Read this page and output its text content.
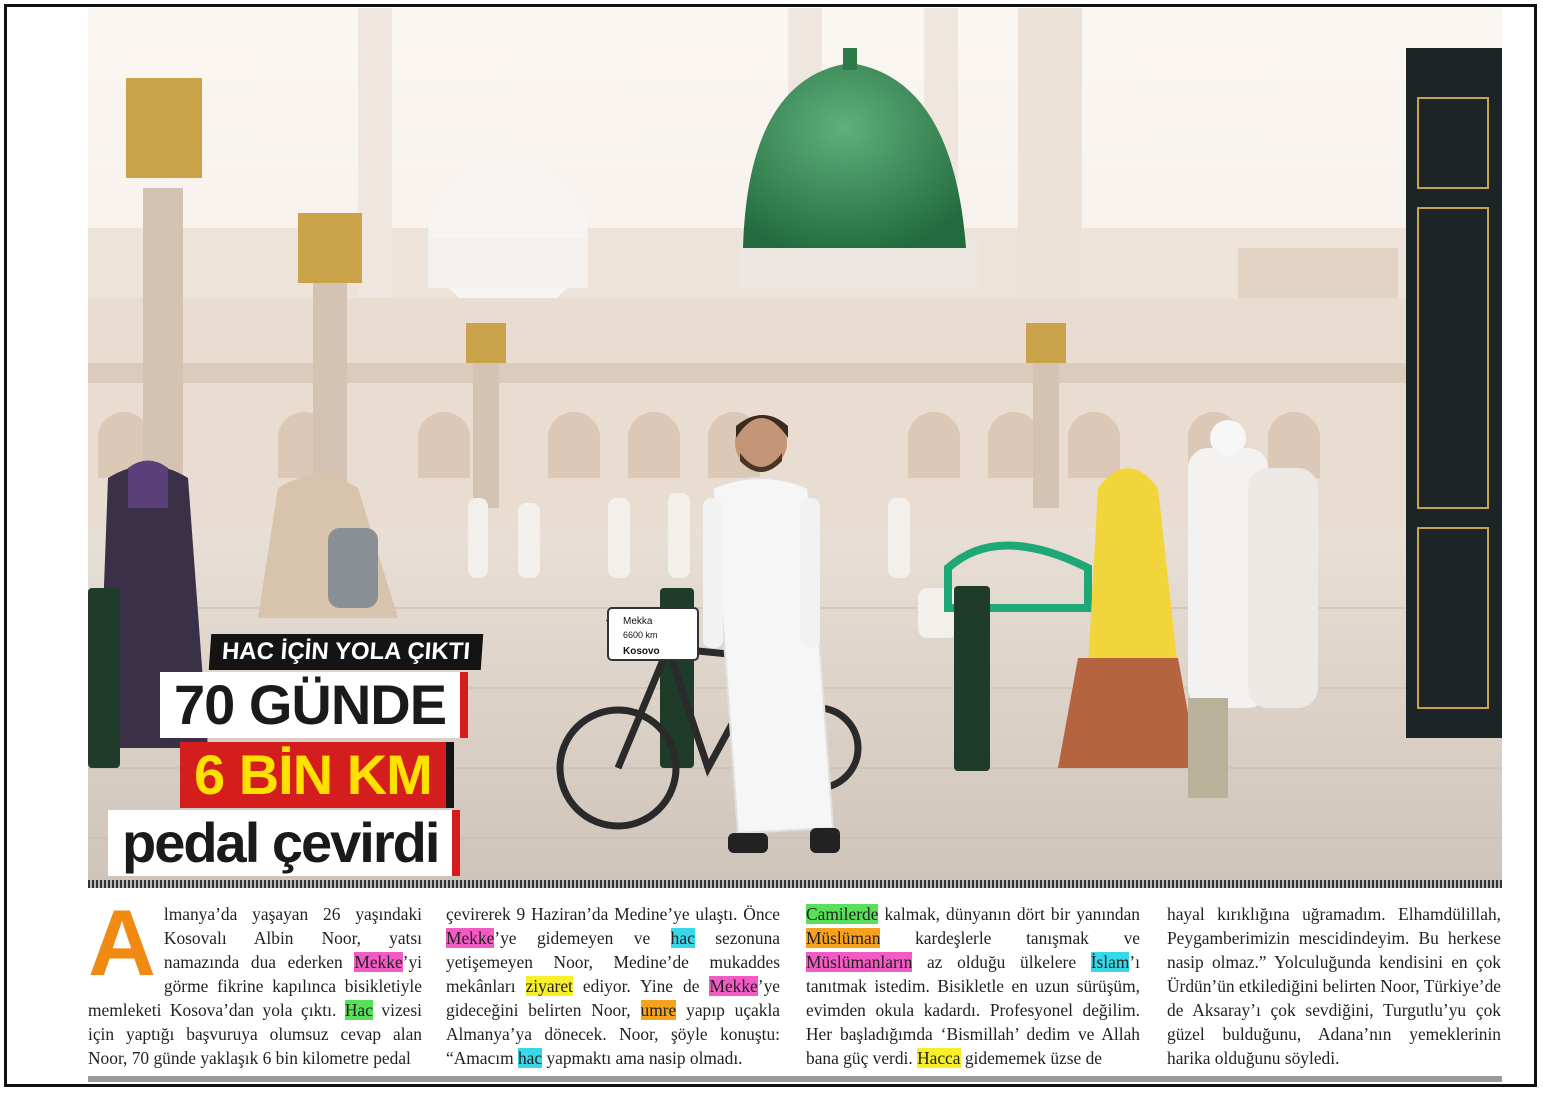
Mekka
6600 km
Kosovo
HAC İÇİN YOLA ÇIKTI
70 GÜNDE
6 BİN KM
pedal çevirdi

Almanya’da yaşayan 26 yaşındaki Kosovalı Albin Noor, yatsı namazında dua ederken Mekke’yi görme fikrine kapılınca bisikletiyle memleketi Kosova’dan yola çıktı. Hac vizesi için yaptığı başvuruya olumsuz cevap alan Noor, 70 günde yaklaşık 6 bin kilometre pedal

çevirerek 9 Haziran’da Medine’ye ulaştı. Önce Mekke’ye gidemeyen ve hac sezonuna yetişemeyen Noor, Medine’de mukaddes mekânları ziyaret ediyor. Yine de Mekke’ye gideceğini belirten Noor, umre yapıp uçakla Almanya’ya dönecek. Noor, şöyle konuştu: “Amacım hac yapmaktı ama nasip olmadı.

Camilerde kalmak, dünyanın dört bir yanından Müslüman kardeşlerle tanışmak ve Müslümanların az olduğu ülkelere İslam’ı tanıtmak istedim. Bisikletle en uzun sürüşüm, evimden okula kadardı. Profesyonel değilim. Her başladığımda ‘Bismillah’ dedim ve Allah bana güç verdi. Hacca gidememek üzse de

hayal kırıklığına uğramadım. Elhamdülillah, Peygamberimizin mescidindeyim. Bu herkese nasip olmaz.” Yolculuğunda kendisini en çok Ürdün’ün etkilediğini belirten Noor, Türkiye’de de Aksaray’ı çok sevdiğini, Turgutlu’yu çok güzel bulduğunu, Adana’nın yemeklerinin harika olduğunu söyledi.
